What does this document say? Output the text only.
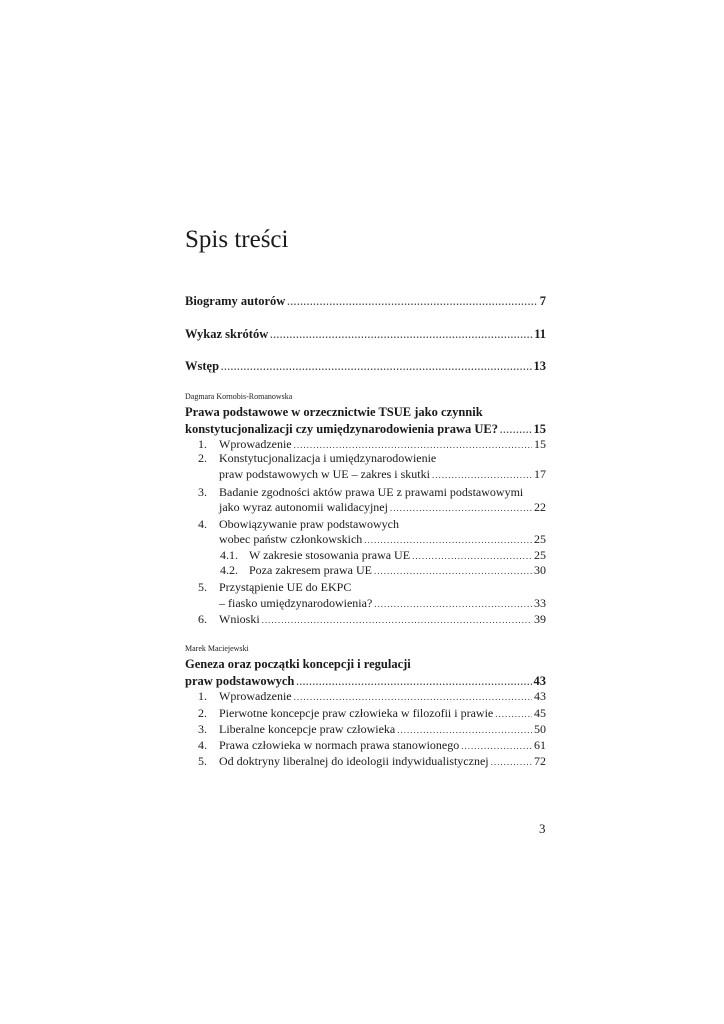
Spis treści
Biogramy autorów .....	7
Wykaz skrótów .....	11
Wstęp .....	13
Dagmara Kornobis-Romanowska
Prawa podstawowe w orzecznictwie TSUE jako czynnik
konstytucjonalizacji czy umiędzynarodowienia prawa UE? .....	15
1. Wprowadzenie .....	15
2. Konstytucjonalizacja i umiędzynarodowienie
praw podstawowych w UE – zakres i skutki .....	17
3. Badanie zgodności aktów prawa UE z prawami podstawowymi
jako wyraz autonomii walidacyjnej .....	22
4. Obowiązywanie praw podstawowych
wobec państw członkowskich .....	25
4.1. W zakresie stosowania prawa UE .....	25
4.2. Poza zakresem prawa UE .....	30
5. Przystąpienie UE do EKPC
– fiasko umiędzynarodowienia? .....	33
6. Wnioski .....	39
Marek Maciejewski
Geneza oraz początki koncepcji i regulacji
praw podstawowych .....	43
1. Wprowadzenie .....	43
2. Pierwotne koncepcje praw człowieka w filozofii i prawie .....	45
3. Liberalne koncepcje praw człowieka .....	50
4. Prawa człowieka w normach prawa stanowionego .....	61
5. Od doktryny liberalnej do ideologii indywidualistycznej .....	72
3
